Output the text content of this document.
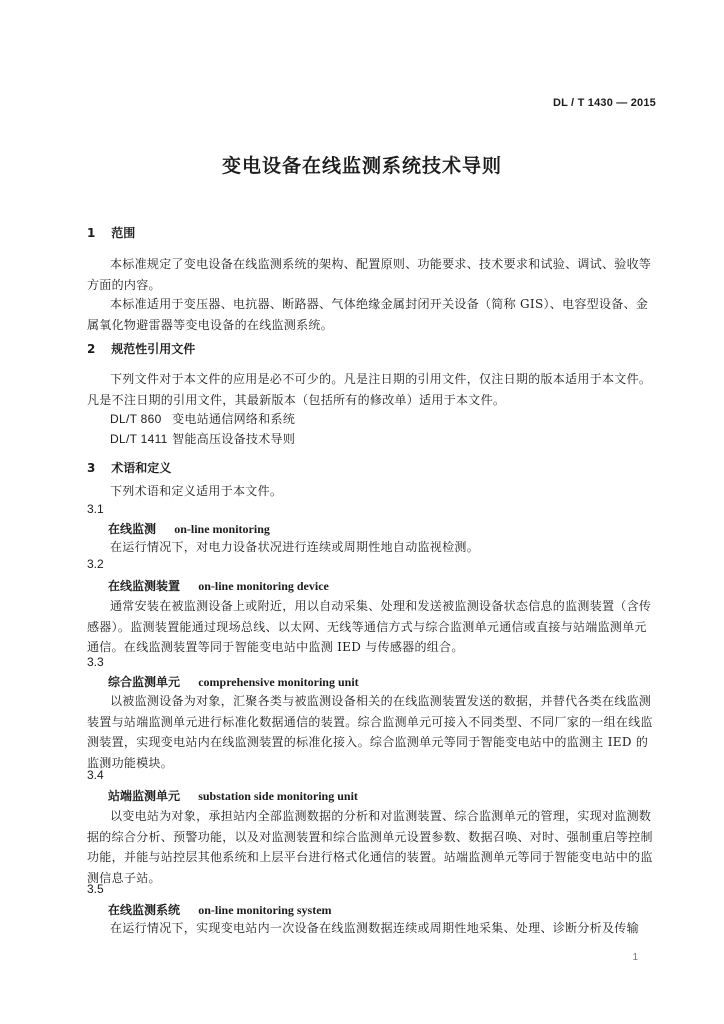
DL / T 1430 — 2015
变电设备在线监测系统技术导则
1 范围

本标准规定了变电设备在线监测系统的架构、配置原则、功能要求、技术要求和试验、调试、验收等方面的内容。

本标准适用于变压器、电抗器、断路器、气体绝缘金属封闭开关设备（简称 GIS）、电容型设备、金属氧化物避雷器等变电设备的在线监测系统。

2 规范性引用文件

下列文件对于本文件的应用是必不可少的。凡是注日期的引用文件，仅注日期的版本适用于本文件。凡是不注日期的引用文件，其最新版本（包括所有的修改单）适用于本文件。

DL/T 860 变电站通信网络和系统
DL/T 1411 智能高压设备技术导则
3 术语和定义

下列术语和定义适用于本文件。

3.1
在线监测 on-line monitoring

在运行情况下，对电力设备状况进行连续或周期性地自动监视检测。

3.2
在线监测装置 on-line monitoring device

通常安装在被监测设备上或附近，用以自动采集、处理和发送被监测设备状态信息的监测装置（含传感器）。监测装置能通过现场总线、以太网、无线等通信方式与综合监测单元通信或直接与站端监测单元通信。在线监测装置等同于智能变电站中监测 IED 与传感器的组合。

3.3
综合监测单元 comprehensive monitoring unit

以被监测设备为对象，汇聚各类与被监测设备相关的在线监测装置发送的数据，并替代各类在线监测装置与站端监测单元进行标准化数据通信的装置。综合监测单元可接入不同类型、不同厂家的一组在线监测装置，实现变电站内在线监测装置的标准化接入。综合监测单元等同于智能变电站中的监测主 IED 的监测功能模块。

3.4
站端监测单元 substation side monitoring unit

以变电站为对象，承担站内全部监测数据的分析和对监测装置、综合监测单元的管理，实现对监测数据的综合分析、预警功能，以及对监测装置和综合监测单元设置参数、数据召唤、对时、强制重启等控制功能，并能与站控层其他系统和上层平台进行格式化通信的装置。站端监测单元等同于智能变电站中的监测信息子站。

3.5
在线监测系统 on-line monitoring system

在运行情况下，实现变电站内一次设备在线监测数据连续或周期性地采集、处理、诊断分析及传输

1
